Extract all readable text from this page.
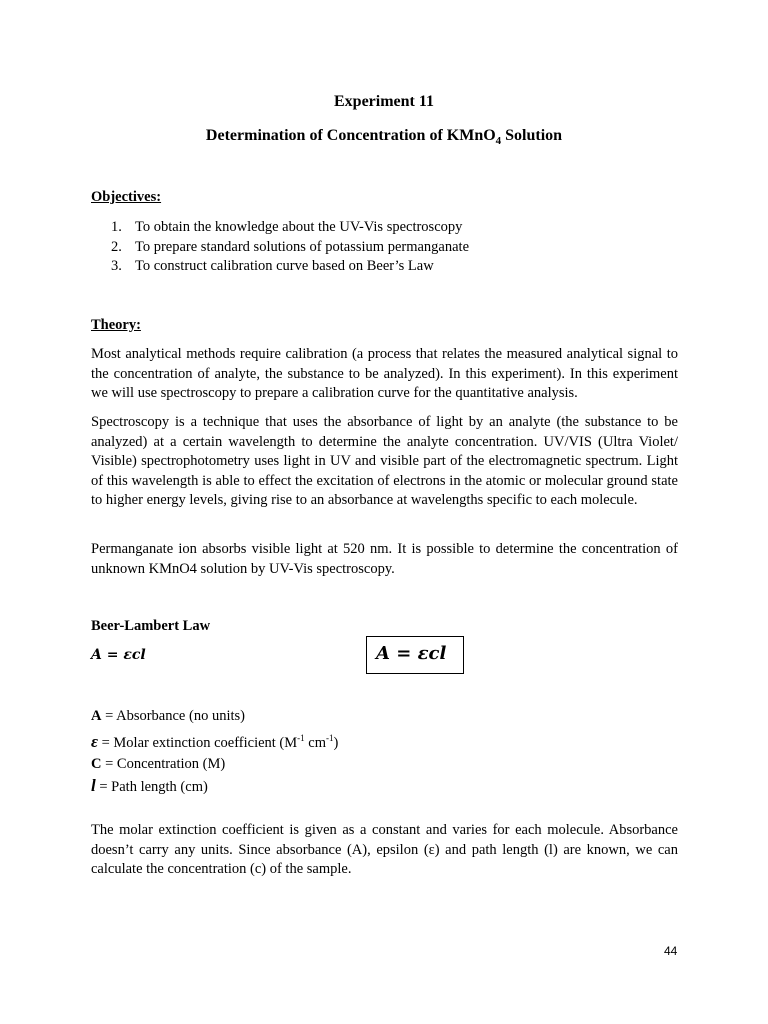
Experiment 11
Determination of Concentration of KMnO$_4$ Solution
Objectives:
1. To obtain the knowledge about the UV-Vis spectroscopy
2. To prepare standard solutions of potassium permanganate
3. To construct calibration curve based on Beer’s Law
Theory:

Most analytical methods require calibration (a process that relates the measured analytical signal to the concentration of analyte, the substance to be analyzed). In this experiment). In this experiment we will use spectroscopy to prepare a calibration curve for the quantitative analysis.

Spectroscopy is a technique that uses the absorbance of light by an analyte (the substance to be analyzed) at a certain wavelength to determine the analyte concentration. UV/VIS (Ultra Violet/ Visible) spectrophotometry uses light in UV and visible part of the electromagnetic spectrum. Light of this wavelength is able to effect the excitation of electrons in the atomic or molecular ground state to higher energy levels, giving rise to an absorbance at wavelengths specific to each molecule.

Permanganate ion absorbs visible light at 520 nm. It is possible to determine the concentration of unknown KMnO4 solution by UV-Vis spectroscopy.

Beer-Lambert Law
A = εcl	A = εcl
A = Absorbance (no units)
ε = Molar extinction coefficient ($M^{-1}$ $cm^{-1}$)
C = Concentration (M)
l = Path length (cm)

The molar extinction coefficient is given as a constant and varies for each molecule. Absorbance doesn’t carry any units. Since absorbance (A), epsilon (ε) and path length (l) are known, we can calculate the concentration (c) of the sample.

44
